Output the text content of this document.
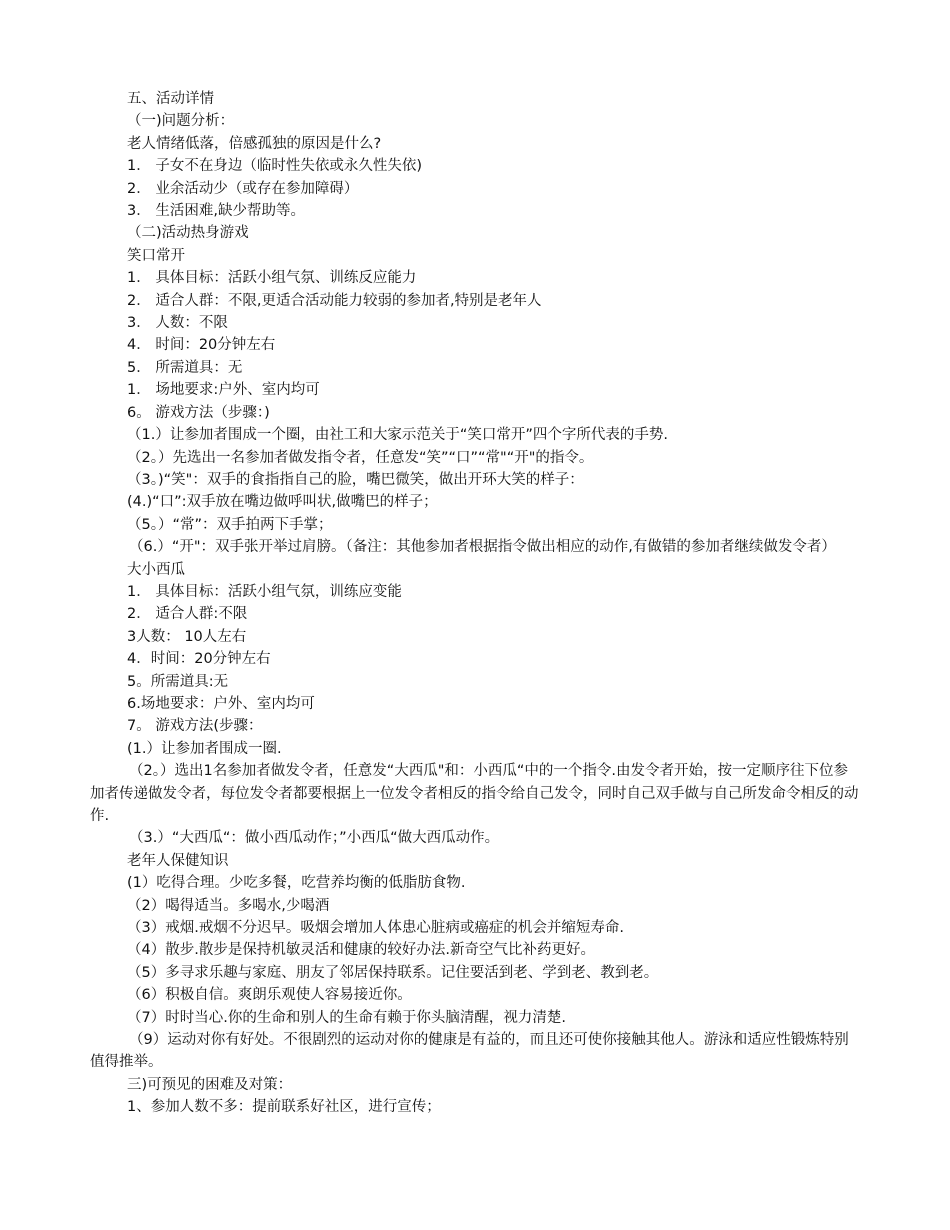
五、活动详情
（一)问题分析：
老人情绪低落，倍感孤独的原因是什么?
1． 子女不在身边（临时性失依或永久性失依)
2． 业余活动少（或存在参加障碍）
3． 生活困难,缺少帮助等。
（二)活动热身游戏
笑口常开
1． 具体目标：活跃小组气氛、训练反应能力
2． 适合人群：不限,更适合活动能力较弱的参加者,特别是老年人
3． 人数：不限
4． 时间：20分钟左右
5． 所需道具：无
1． 场地要求:户外、室内均可
6。 游戏方法（步骤：)
（1.）让参加者围成一个圈，由社工和大家示范关于“笑口常开”四个字所代表的手势.
（2。）先选出一名参加者做发指令者，任意发“笑”“口”“常"“开"的指令。
（3。)“笑"：双手的食指指自己的脸，嘴巴微笑，做出开环大笑的样子：
(4.)“口”:双手放在嘴边做呼叫状,做嘴巴的样子；
（5。）“常”：双手拍两下手掌；
（6.）“开"：双手张开举过肩膀。（备注：其他参加者根据指令做出相应的动作,有做错的参加者继续做发令者）
大小西瓜
1． 具体目标：活跃小组气氛，训练应变能
2． 适合人群:不限
3人数： 10人左右
4．时间：20分钟左右
5。所需道具:无
6.场地要求：户外、室内均可
7。 游戏方法(步骤：
(1.）让参加者围成一圈.
（2。）选出1名参加者做发令者，任意发“大西瓜"和：小西瓜“中的一个指令.由发令者开始，按一定顺序往下位参加者传递做发令者，每位发令者都要根据上一位发令者相反的指令给自己发令，同时自己双手做与自己所发命令相反的动作.
（3.）“大西瓜“：做小西瓜动作；”小西瓜“做大西瓜动作。
老年人保健知识
(1）吃得合理。少吃多餐，吃营养均衡的低脂肪食物.
（2）喝得适当。多喝水,少喝酒
（3）戒烟.戒烟不分迟早。吸烟会增加人体患心脏病或癌症的机会并缩短寿命.
（4）散步.散步是保持机敏灵活和健康的较好办法.新奇空气比补药更好。
（5）多寻求乐趣与家庭、朋友了邻居保持联系。记住要活到老、学到老、教到老。
（6）积极自信。爽朗乐观使人容易接近你。
（7）时时当心.你的生命和别人的生命有赖于你头脑清醒，视力清楚.
（9）运动对你有好处。不很剧烈的运动对你的健康是有益的，而且还可使你接触其他人。游泳和适应性锻炼特别值得推举。
三)可预见的困难及对策：
1、参加人数不多：提前联系好社区，进行宣传；
